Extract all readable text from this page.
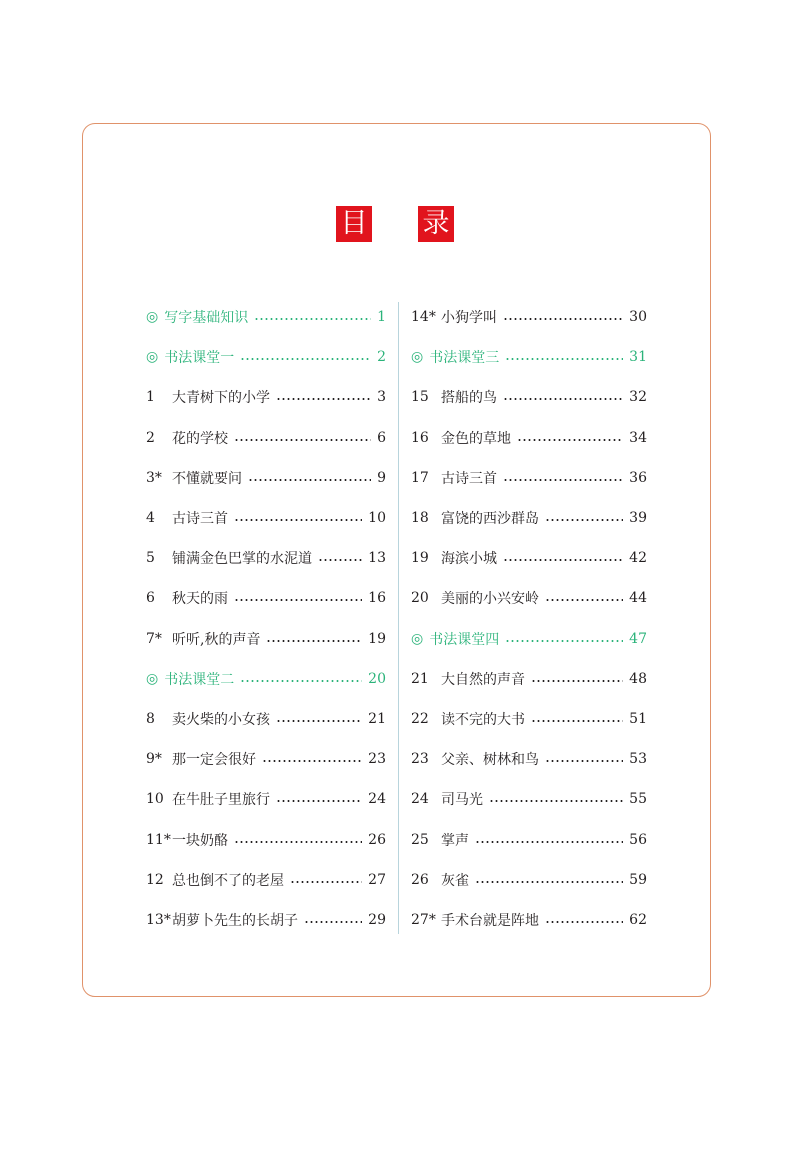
目 录
◎ 写字基础知识	1
◎ 书法课堂一	2
1	大青树下的小学	3
2	花的学校	6
3* 不懂就要问	9
4	古诗三首	10
5	铺满金色巴掌的水泥道	13
6	秋天的雨	16
7* 听听,秋的声音	19
◎ 书法课堂二	20
8	卖火柴的小女孩	21
9* 那一定会很好	23
10 在牛肚子里旅行	24
11* 一块奶酪	26
12 总也倒不了的老屋	27
13* 胡萝卜先生的长胡子	29
14* 小狗学叫	30
◎ 书法课堂三	31
15 搭船的鸟	32
16 金色的草地	34
17 古诗三首	36
18 富饶的西沙群岛	39
19 海滨小城	42
20 美丽的小兴安岭	44
◎ 书法课堂四	47
21 大自然的声音	48
22 读不完的大书	51
23 父亲、树林和鸟	53
24 司马光	55
25 掌声	56
26 灰雀	59
27* 手术台就是阵地	62
